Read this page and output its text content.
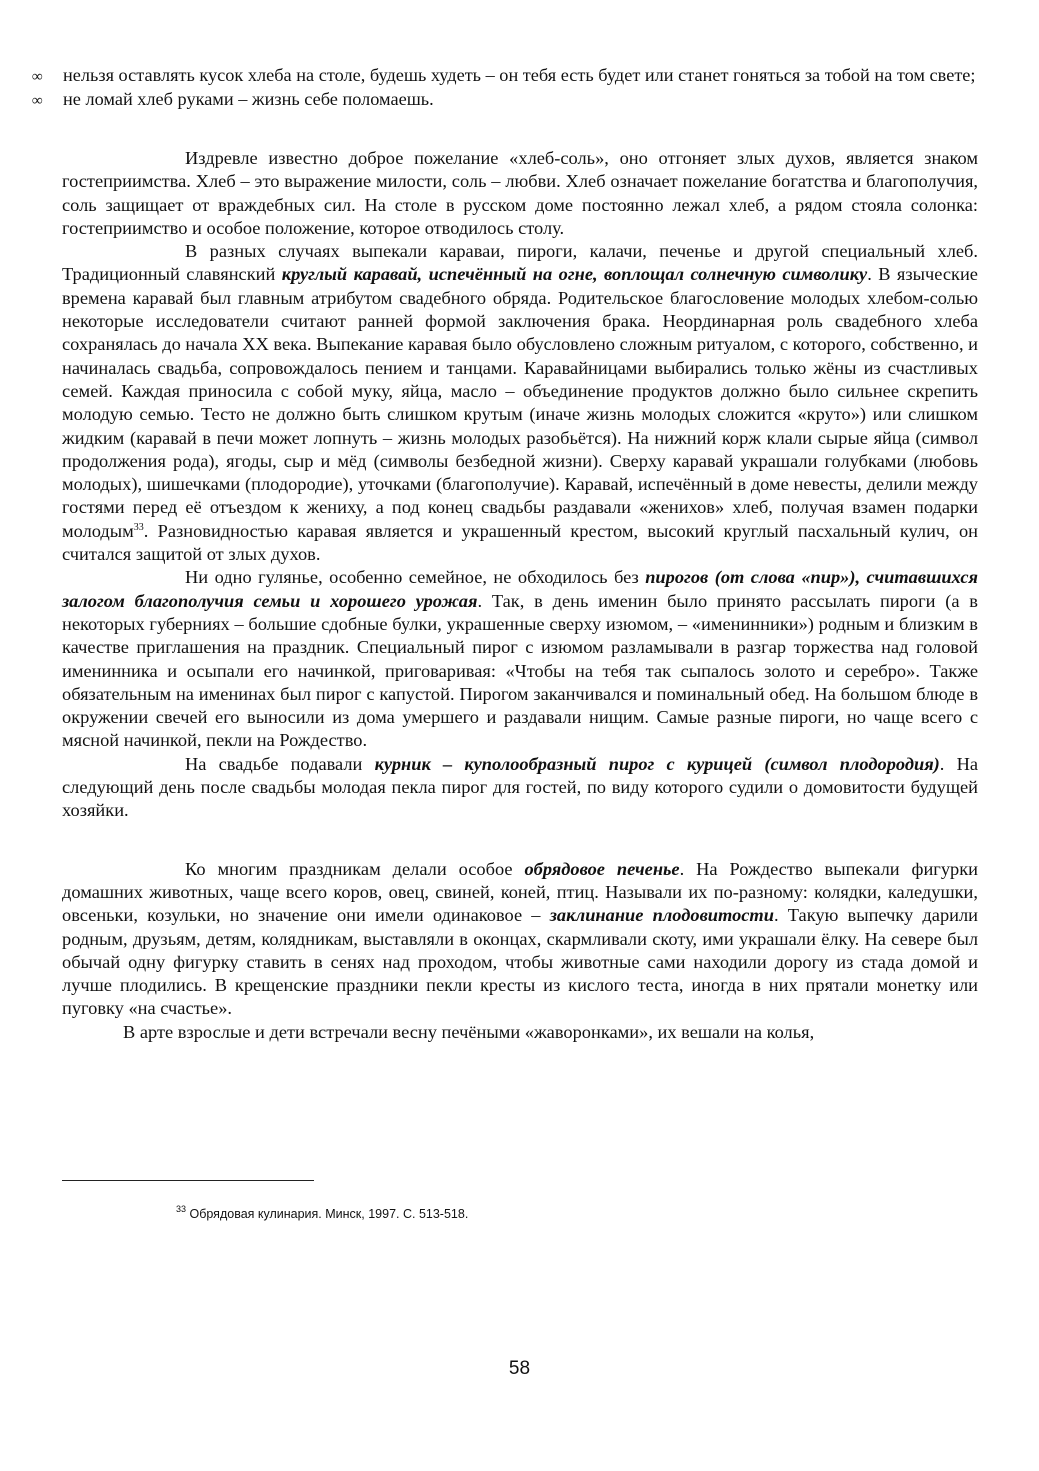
∞ нельзя оставлять кусок хлеба на столе, будешь худеть – он тебя есть будет или станет гоняться за тобой на том свете;
∞ не ломай хлеб руками – жизнь себе поломаешь.

Издревле известно доброе пожелание «хлеб-соль», оно отгоняет злых духов, является знаком гостеприимства. Хлеб – это выражение милости, соль – любви. Хлеб означает пожелание богатства и благополучия, соль защищает от враждебных сил. На столе в русском доме постоянно лежал хлеб, а рядом стояла солонка: гостеприимство и особое положение, которое отводилось столу.

В разных случаях выпекали караваи, пироги, калачи, печенье и другой специальный хлеб. Традиционный славянский круглый каравай, испечённый на огне, воплощал солнечную символику. В языческие времена каравай был главным атрибутом свадебного обряда. Родительское благословение молодых хлебом-солью некоторые исследователи считают ранней формой заключения брака. Неординарная роль свадебного хлеба сохранялась до начала XX века. Выпекание каравая было обусловлено сложным ритуалом, с которого, собственно, и начиналась свадьба, сопровождалось пением и танцами. Каравайницами выбирались только жёны из счастливых семей. Каждая приносила с собой муку, яйца, масло – объединение продуктов должно было сильнее скрепить молодую семью. Тесто не должно быть слишком крутым (иначе жизнь молодых сложится «круто») или слишком жидким (каравай в печи может лопнуть – жизнь молодых разобьётся). На нижний корж клали сырые яйца (символ продолжения рода), ягоды, сыр и мёд (символы безбедной жизни). Сверху каравай украшали голубками (любовь молодых), шишечками (плодородие), уточками (благополучие). Каравай, испечённый в доме невесты, делили между гостями перед её отъездом к жениху, а под конец свадьбы раздавали «женихов» хлеб, получая взамен подарки молодым$^{33}$. Разновидностью каравая является и украшенный крестом, высокий круглый пасхальный кулич, он считался защитой от злых духов.

Ни одно гулянье, особенно семейное, не обходилось без пирогов (от слова «пир»), считавшихся залогом благополучия семьи и хорошего урожая. Так, в день именин было принято рассылать пироги (а в некоторых губерниях – большие сдобные булки, украшенные сверху изюмом, – «именинники») родным и близким в качестве приглашения на праздник. Специальный пирог с изюмом разламывали в разгар торжества над головой именинника и осыпали его начинкой, приговаривая: «Чтобы на тебя так сыпалось золото и серебро». Также обязательным на именинах был пирог с капустой. Пирогом заканчивался и поминальный обед. На большом блюде в окружении свечей его выносили из дома умершего и раздавали нищим. Самые разные пироги, но чаще всего с мясной начинкой, пекли на Рождество.

На свадьбе подавали курник – куполообразный пирог с курицей (символ плодородия). На следующий день после свадьбы молодая пекла пирог для гостей, по виду которого судили о домовитости будущей хозяйки.

Ко многим праздникам делали особое обрядовое печенье. На Рождество выпекали фигурки домашних животных, чаще всего коров, овец, свиней, коней, птиц. Называли их по-разному: колядки, каледушки, овсеньки, козульки, но значение они имели одинаковое – заклинание плодовитости. Такую выпечку дарили родным, друзьям, детям, колядникам, выставляли в оконцах, скармливали скоту, ими украшали ёлку. На севере был обычай одну фигурку ставить в сенях над проходом, чтобы животные сами находили дорогу из стада домой и лучше плодились. В крещенские праздники пекли кресты из кислого теста, иногда в них прятали монетку или пуговку «на счастье».

В арте взрослые и дети встречали весну печёными «жаворонками», их вешали на колья,

$^{33}$ Обрядовая кулинария. Минск, 1997. С. 513-518.
58
